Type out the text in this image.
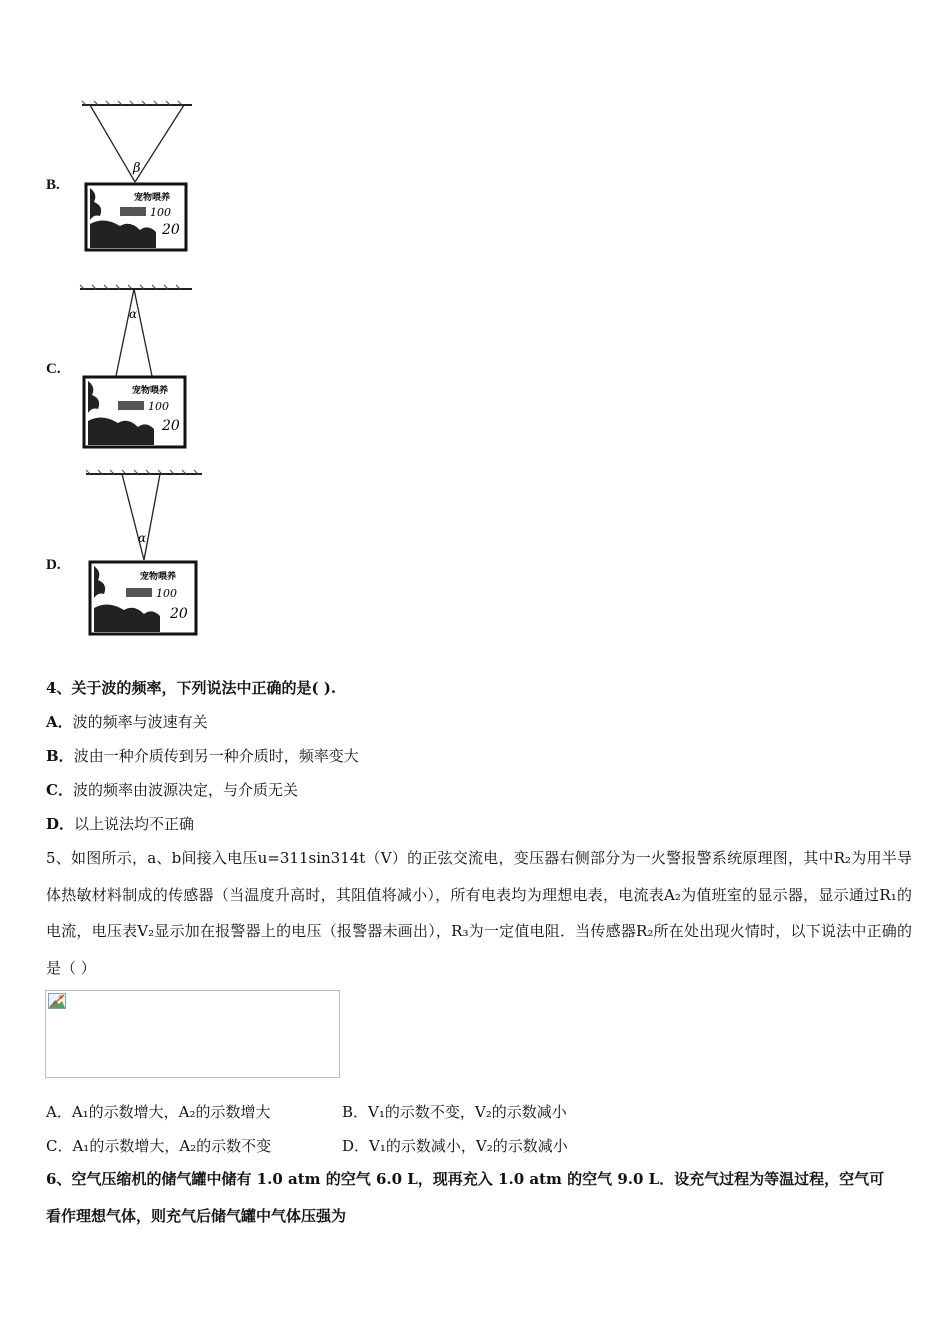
B.
β
宠物喂养
100
20
C.
α
宠物喂养
100
20
D.
α
宠物喂养
100
20
4、关于波的频率，下列说法中正确的是( ).
A．波的频率与波速有关
B．波由一种介质传到另一种介质时，频率变大
C．波的频率由波源决定，与介质无关
D．以上说法均不正确
5、如图所示，a、b间接入电压u=311sin314t（V）的正弦交流电，变压器右侧部分为一火警报警系统原理图，其中R₂为用半导体热敏材料制成的传感器（当温度升高时，其阻值将减小），所有电表均为理想电表，电流表A₂为值班室的显示器，显示通过R₁的电流，电压表V₂显示加在报警器上的电压（报警器未画出），R₃为一定值电阻．当传感器R₂所在处出现火情时，以下说法中正确的是（ ）
A．A₁的示数增大，A₂的示数增大	B．V₁的示数不变，V₂的示数减小
C．A₁的示数增大，A₂的示数不变	D．V₁的示数减小，V₂的示数减小
6、空气压缩机的储气罐中储有 1.0 atm 的空气 6.0 L，现再充入 1.0 atm 的空气 9.0 L．设充气过程为等温过程，空气可
看作理想气体，则充气后储气罐中气体压强为
